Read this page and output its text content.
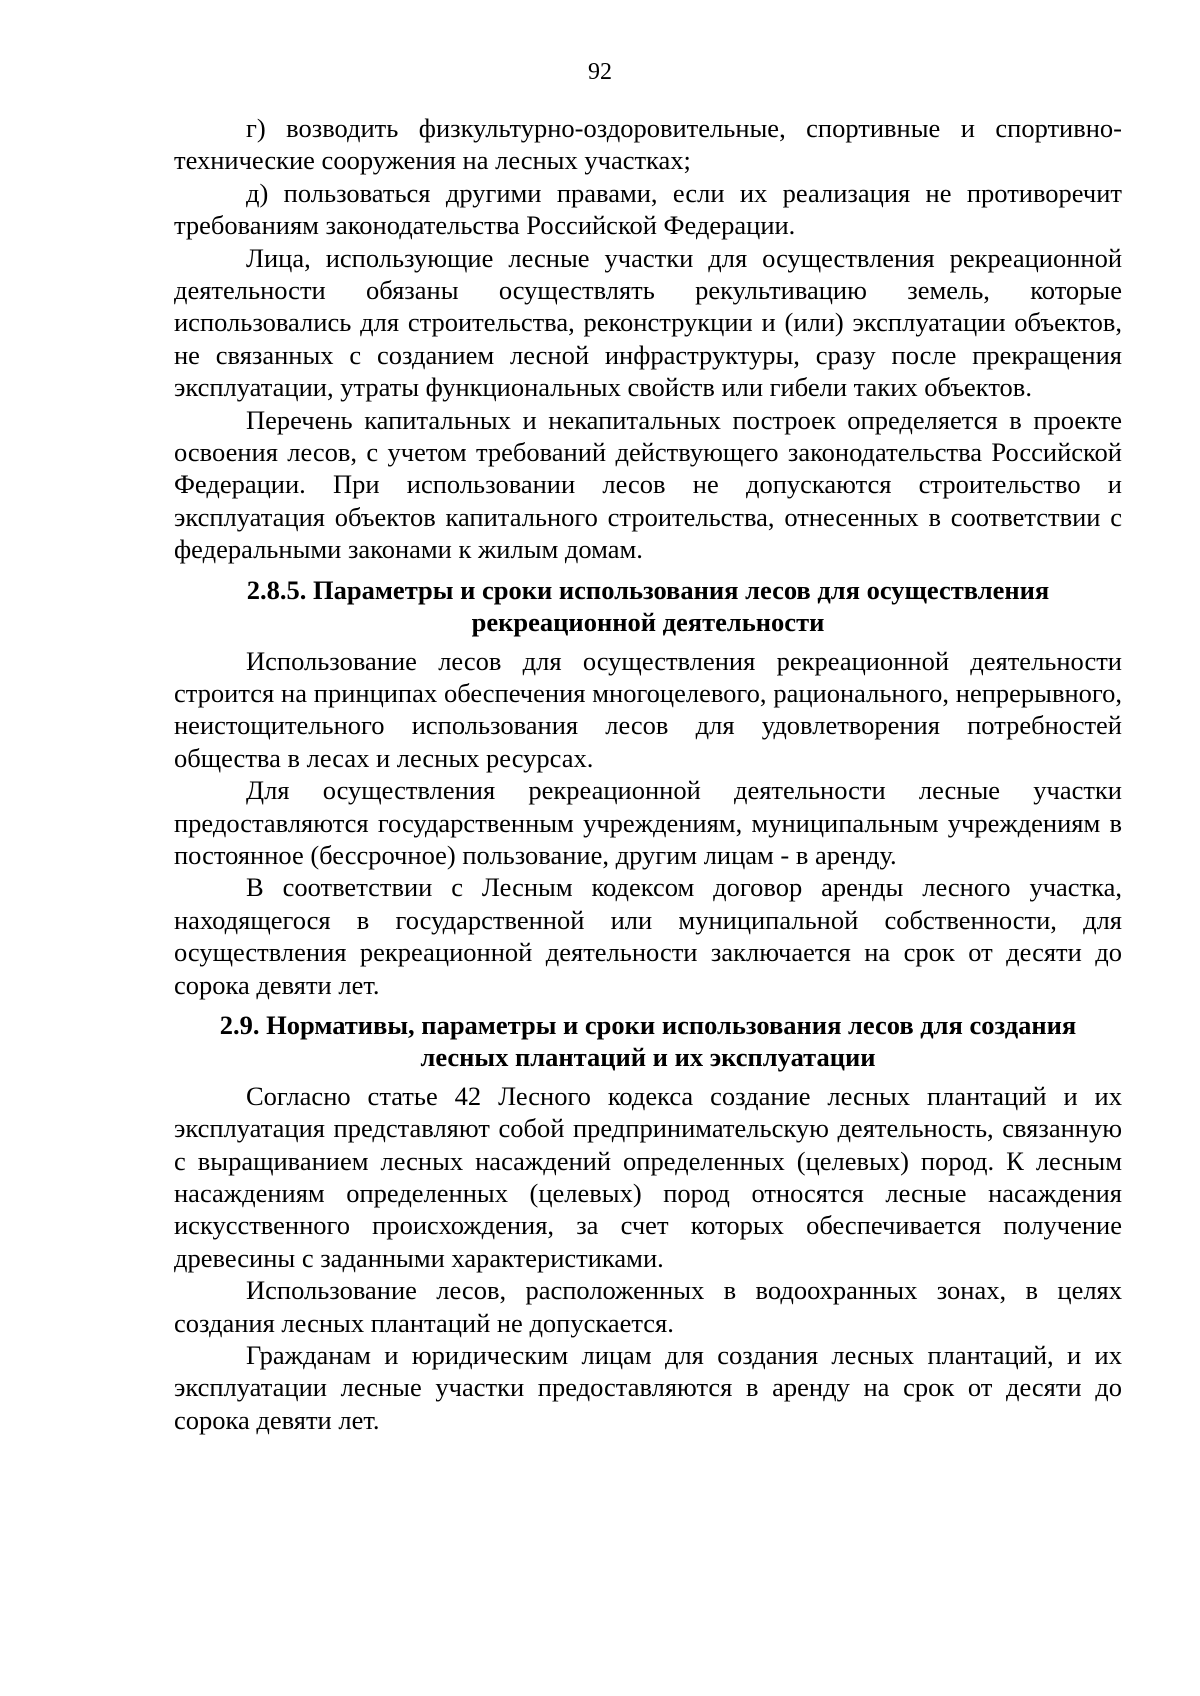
92

г) возводить физкультурно-оздоровительные, спортивные и спортивно-технические сооружения на лесных участках;

д) пользоваться другими правами, если их реализация не противоречит требованиям законодательства Российской Федерации.

Лица, использующие лесные участки для осуществления рекреационной деятельности обязаны осуществлять рекультивацию земель, которые использовались для строительства, реконструкции и (или) эксплуатации объектов, не связанных с созданием лесной инфраструктуры, сразу после прекращения эксплуатации, утраты функциональных свойств или гибели таких объектов.

Перечень капитальных и некапитальных построек определяется в проекте освоения лесов, с учетом требований действующего законодательства Российской Федерации. При использовании лесов не допускаются строительство и эксплуатация объектов капитального строительства, отнесенных в соответствии с федеральными законами к жилым домам.

2.8.5. Параметры и сроки использования лесов для осуществления рекреационной деятельности

Использование лесов для осуществления рекреационной деятельности строится на принципах обеспечения многоцелевого, рационального, непрерывного, неистощительного использования лесов для удовлетворения потребностей общества в лесах и лесных ресурсах.

Для осуществления рекреационной деятельности лесные участки предоставляются государственным учреждениям, муниципальным учреждениям в постоянное (бессрочное) пользование, другим лицам - в аренду.

В соответствии с Лесным кодексом договор аренды лесного участка, находящегося в государственной или муниципальной собственности, для осуществления рекреационной деятельности заключается на срок от десяти до сорока девяти лет.

2.9. Нормативы, параметры и сроки использования лесов для создания лесных плантаций и их эксплуатации

Согласно статье 42 Лесного кодекса создание лесных плантаций и их эксплуатация представляют собой предпринимательскую деятельность, связанную с выращиванием лесных насаждений определенных (целевых) пород. К лесным насаждениям определенных (целевых) пород относятся лесные насаждения искусственного происхождения, за счет которых обеспечивается получение древесины с заданными характеристиками.

Использование лесов, расположенных в водоохранных зонах, в целях создания лесных плантаций не допускается.

Гражданам и юридическим лицам для создания лесных плантаций, и их эксплуатации лесные участки предоставляются в аренду на срок от десяти до сорока девяти лет.
